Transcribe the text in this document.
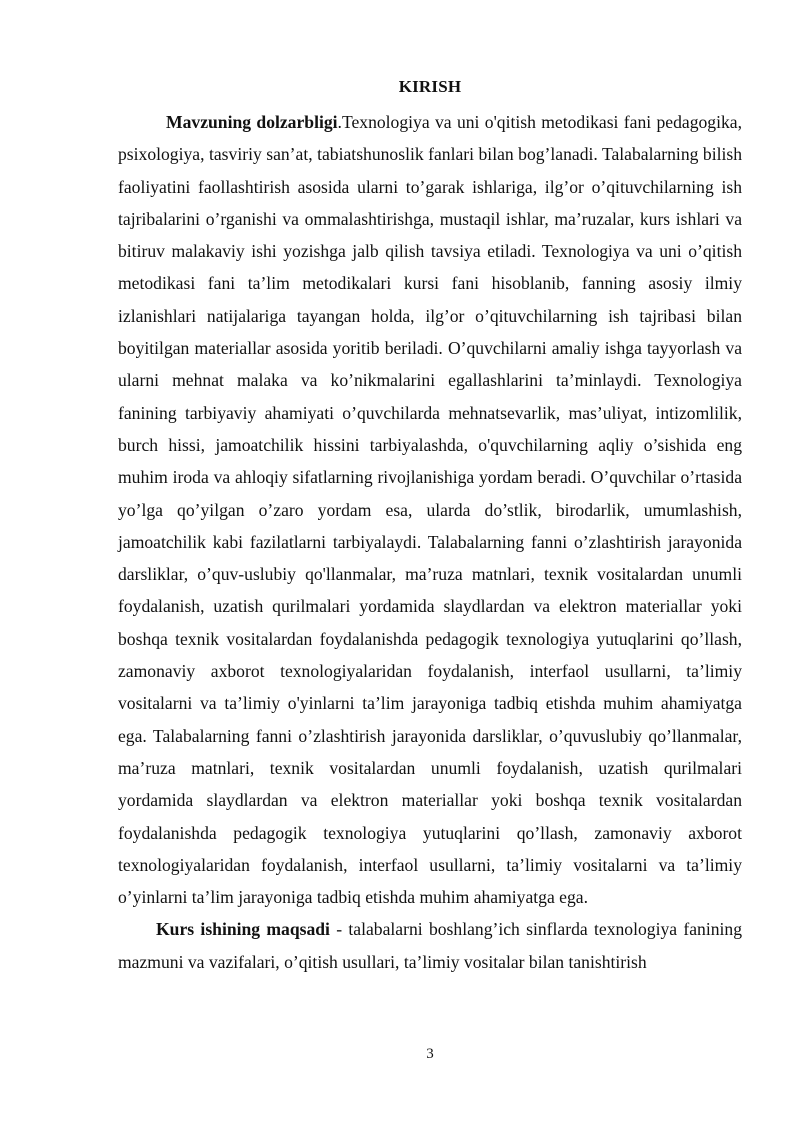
KIRISH

Mavzuning dolzarbligi.Texnologiya va uni o'qitish metodikasi fani pedagogika, psixologiya, tasviriy san’at, tabiatshunoslik fanlari bilan bog’lanadi. Talabalarning bilish faoliyatini faollashtirish asosida ularni to’garak ishlariga, ilg’or o’qituvchilarning ish tajribalarini o’rganishi va ommalashtirishga, mustaqil ishlar, ma’ruzalar, kurs ishlari va bitiruv malakaviy ishi yozishga jalb qilish tavsiya etiladi. Texnologiya va uni o’qitish metodikasi fani ta’lim metodikalari kursi fani hisoblanib, fanning asosiy ilmiy izlanishlari natijalariga tayangan holda, ilg’or o’qituvchilarning ish tajribasi bilan boyitilgan materiallar asosida yoritib beriladi. O’quvchilarni amaliy ishga tayyorlash va ularni mehnat malaka va ko’nikmalarini egallashlarini ta’minlaydi. Texnologiya fanining tarbiyaviy ahamiyati o’quvchilarda mehnatsevarlik, mas’uliyat, intizomlilik, burch hissi, jamoatchilik hissini tarbiyalashda, o'quvchilarning aqliy o’sishida eng muhim iroda va ahloqiy sifatlarning rivojlanishiga yordam beradi. O’quvchilar o’rtasida yo’lga qo’yilgan o’zaro yordam esa, ularda do’stlik, birodarlik, umumlashish, jamoatchilik kabi fazilatlarni tarbiyalaydi. Talabalarning fanni o’zlashtirish jarayonida darsliklar, o’quv-uslubiy qo'llanmalar, ma’ruza matnlari, texnik vositalardan unumli foydalanish, uzatish qurilmalari yordamida slaydlardan va elektron materiallar yoki boshqa texnik vositalardan foydalanishda pedagogik texnologiya yutuqlarini qo’llash, zamonaviy axborot texnologiyalaridan foydalanish, interfaol usullarni, ta’limiy vositalarni va ta’limiy o'yinlarni ta’lim jarayoniga tadbiq etishda muhim ahamiyatga ega. Talabalarning fanni o’zlashtirish jarayonida darsliklar, o’quvuslubiy qo’llanmalar, ma’ruza matnlari, texnik vositalardan unumli foydalanish, uzatish qurilmalari yordamida slaydlardan va elektron materiallar yoki boshqa texnik vositalardan foydalanishda pedagogik texnologiya yutuqlarini qo’llash, zamonaviy axborot texnologiyalaridan foydalanish, interfaol usullarni, ta’limiy vositalarni va ta’limiy o’yinlarni ta’lim jarayoniga tadbiq etishda muhim ahamiyatga ega.

Kurs ishining maqsadi - talabalarni boshlang’ich sinflarda texnologiya fanining mazmuni va vazifalari, o’qitish usullari, ta’limiy vositalar bilan tanishtirish

3
